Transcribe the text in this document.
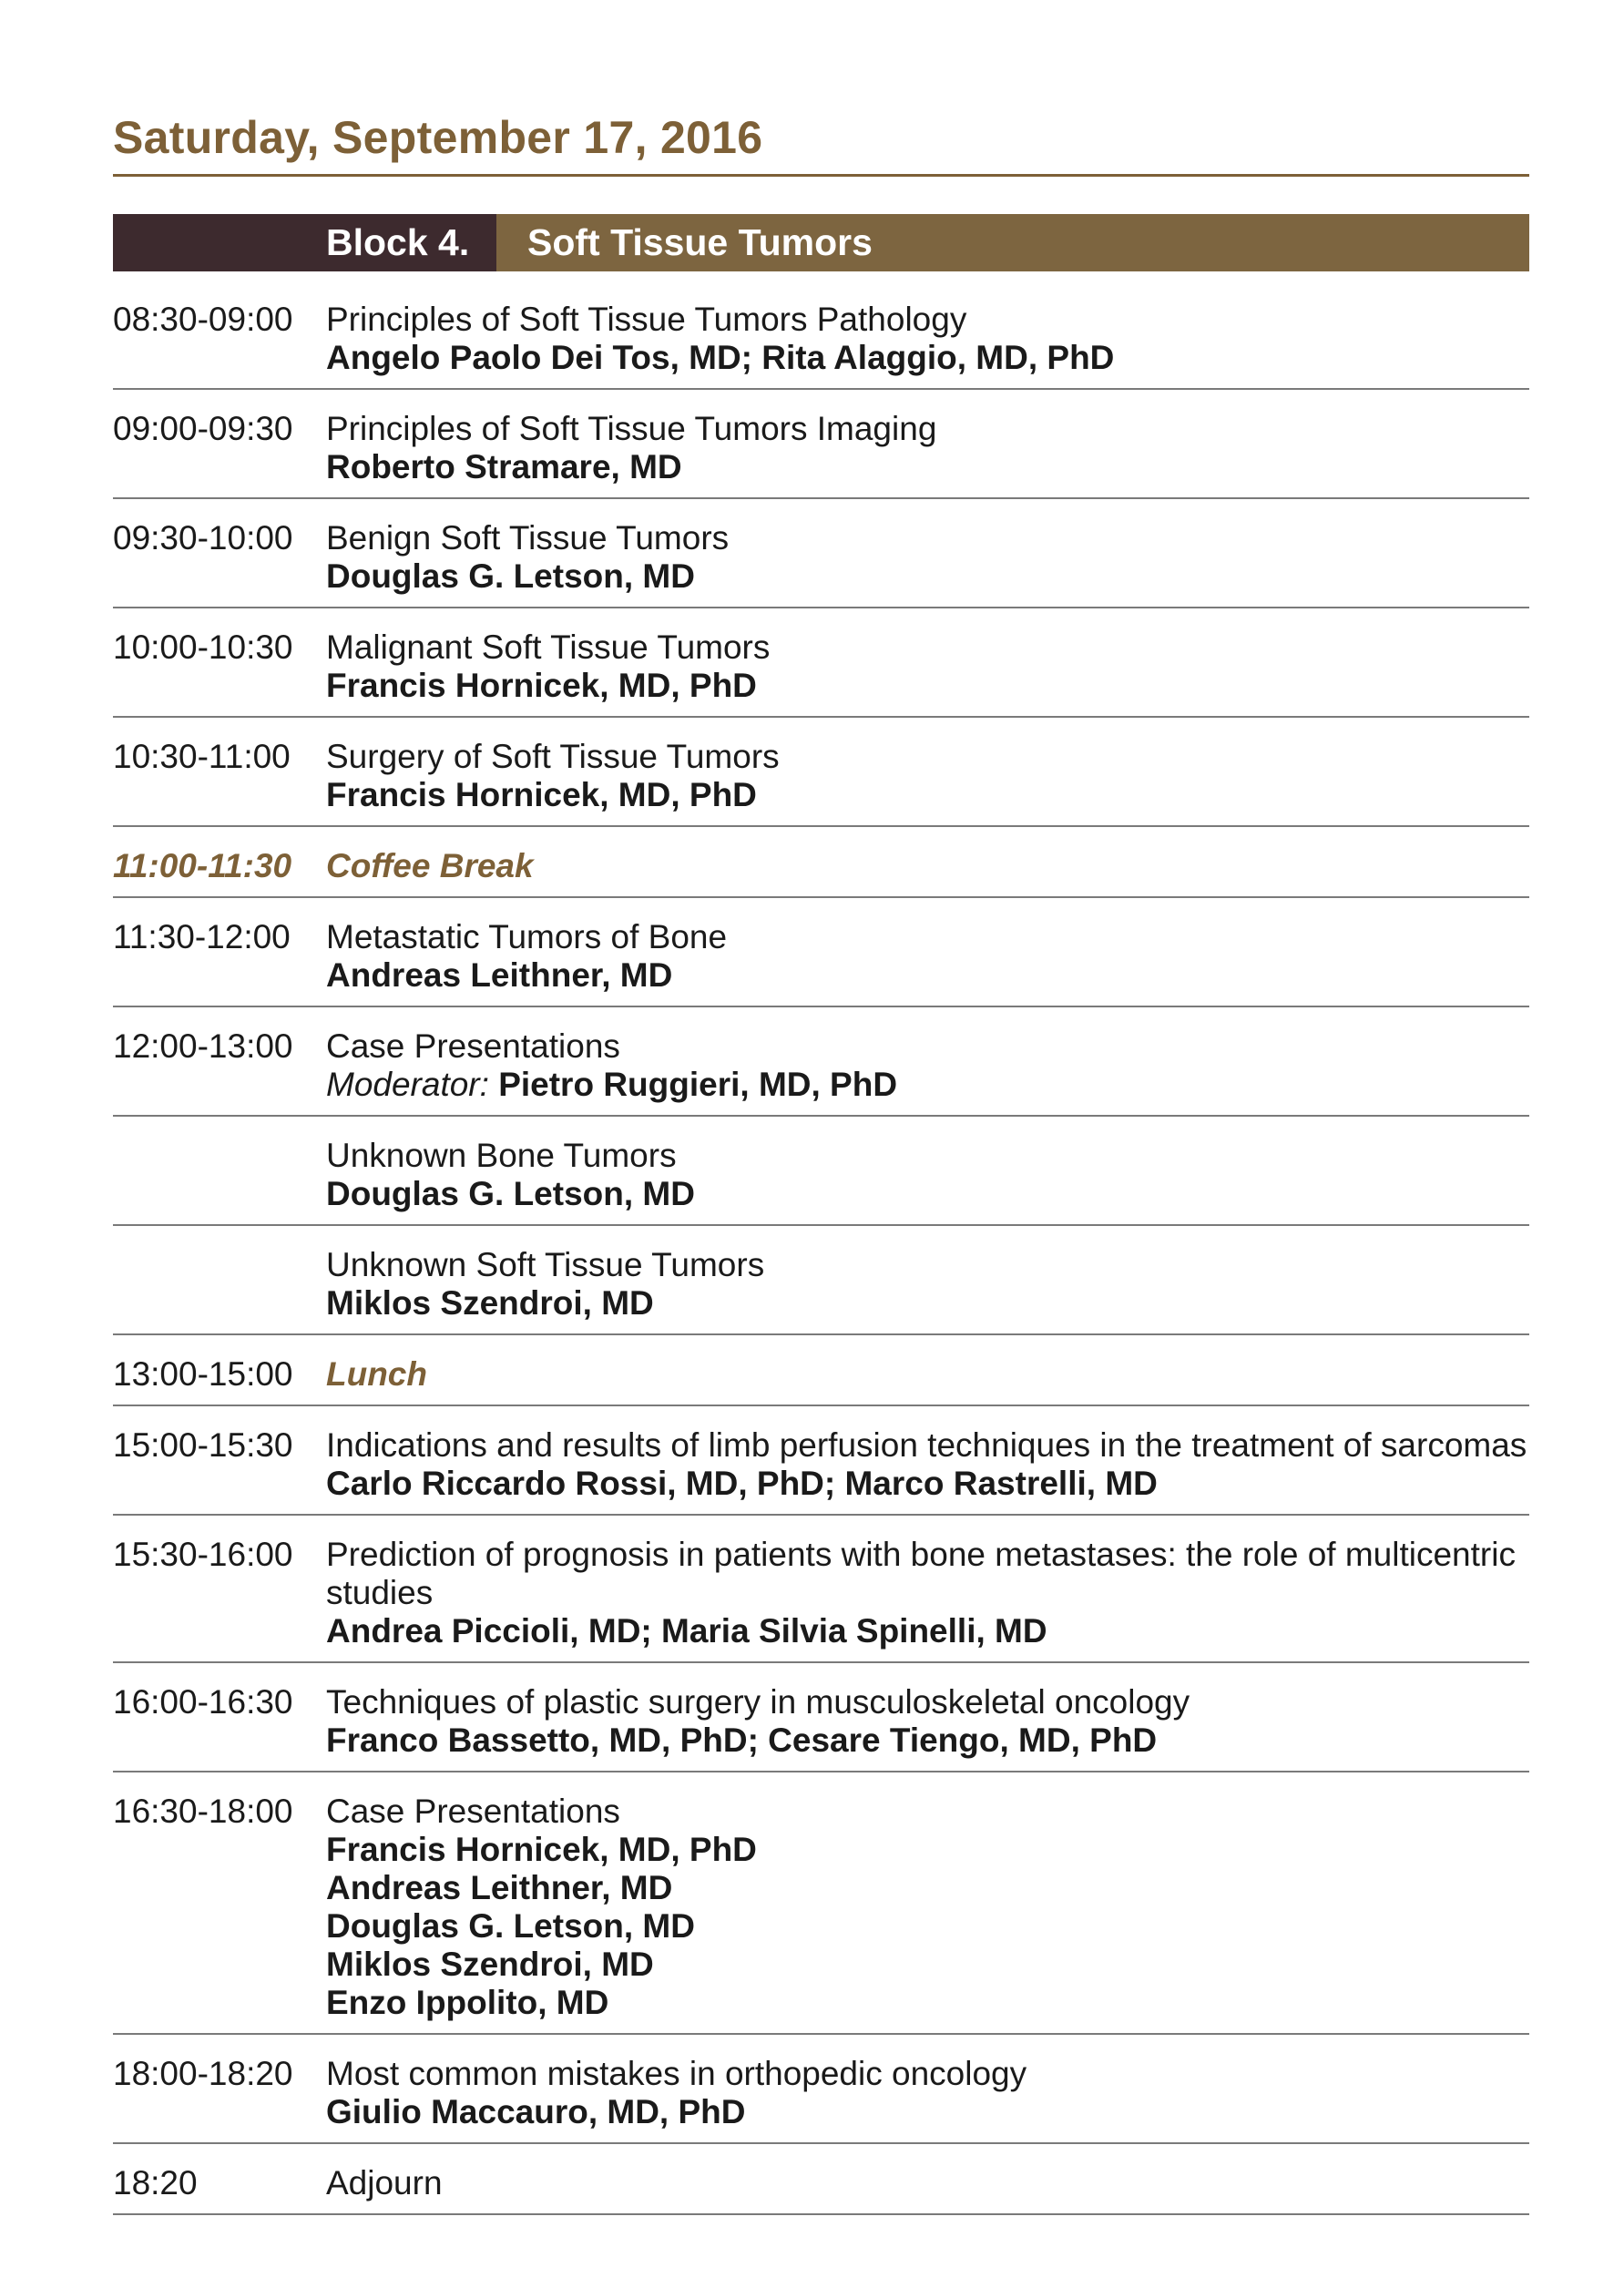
Saturday, September 17, 2016
Block 4.	Soft Tissue Tumors
08:30-09:00 Principles of Soft Tissue Tumors Pathology
Angelo Paolo Dei Tos, MD; Rita Alaggio, MD, PhD
09:00-09:30 Principles of Soft Tissue Tumors Imaging
Roberto Stramare, MD
09:30-10:00 Benign Soft Tissue Tumors
Douglas G. Letson, MD
10:00-10:30 Malignant Soft Tissue Tumors
Francis Hornicek, MD, PhD
10:30-11:00	Surgery of Soft Tissue Tumors
Francis Hornicek, MD, PhD
11:00-11:30	Coffee Break
11:30-12:00	Metastatic Tumors of Bone
Andreas Leithner, MD
12:00-13:00 Case Presentations
Moderator: Pietro Ruggieri, MD, PhD
Unknown Bone Tumors
Douglas G. Letson, MD
Unknown Soft Tissue Tumors
Miklos Szendroi, MD
13:00-15:00 Lunch
15:00-15:30 Indications and results of limb perfusion techniques in the treatment of sarcomas
Carlo Riccardo Rossi, MD, PhD; Marco Rastrelli, MD
15:30-16:00 Prediction of prognosis in patients with bone metastases: the role of multicentric studies
Andrea Piccioli, MD; Maria Silvia Spinelli, MD
16:00-16:30 Techniques of plastic surgery in musculoskeletal oncology
Franco Bassetto, MD, PhD; Cesare Tiengo, MD, PhD
16:30-18:00 Case Presentations
Francis Hornicek, MD, PhD
Andreas Leithner, MD
Douglas G. Letson, MD
Miklos Szendroi, MD
Enzo Ippolito, MD
18:00-18:20 Most common mistakes in orthopedic oncology
Giulio Maccauro, MD, PhD
18:20	Adjourn
